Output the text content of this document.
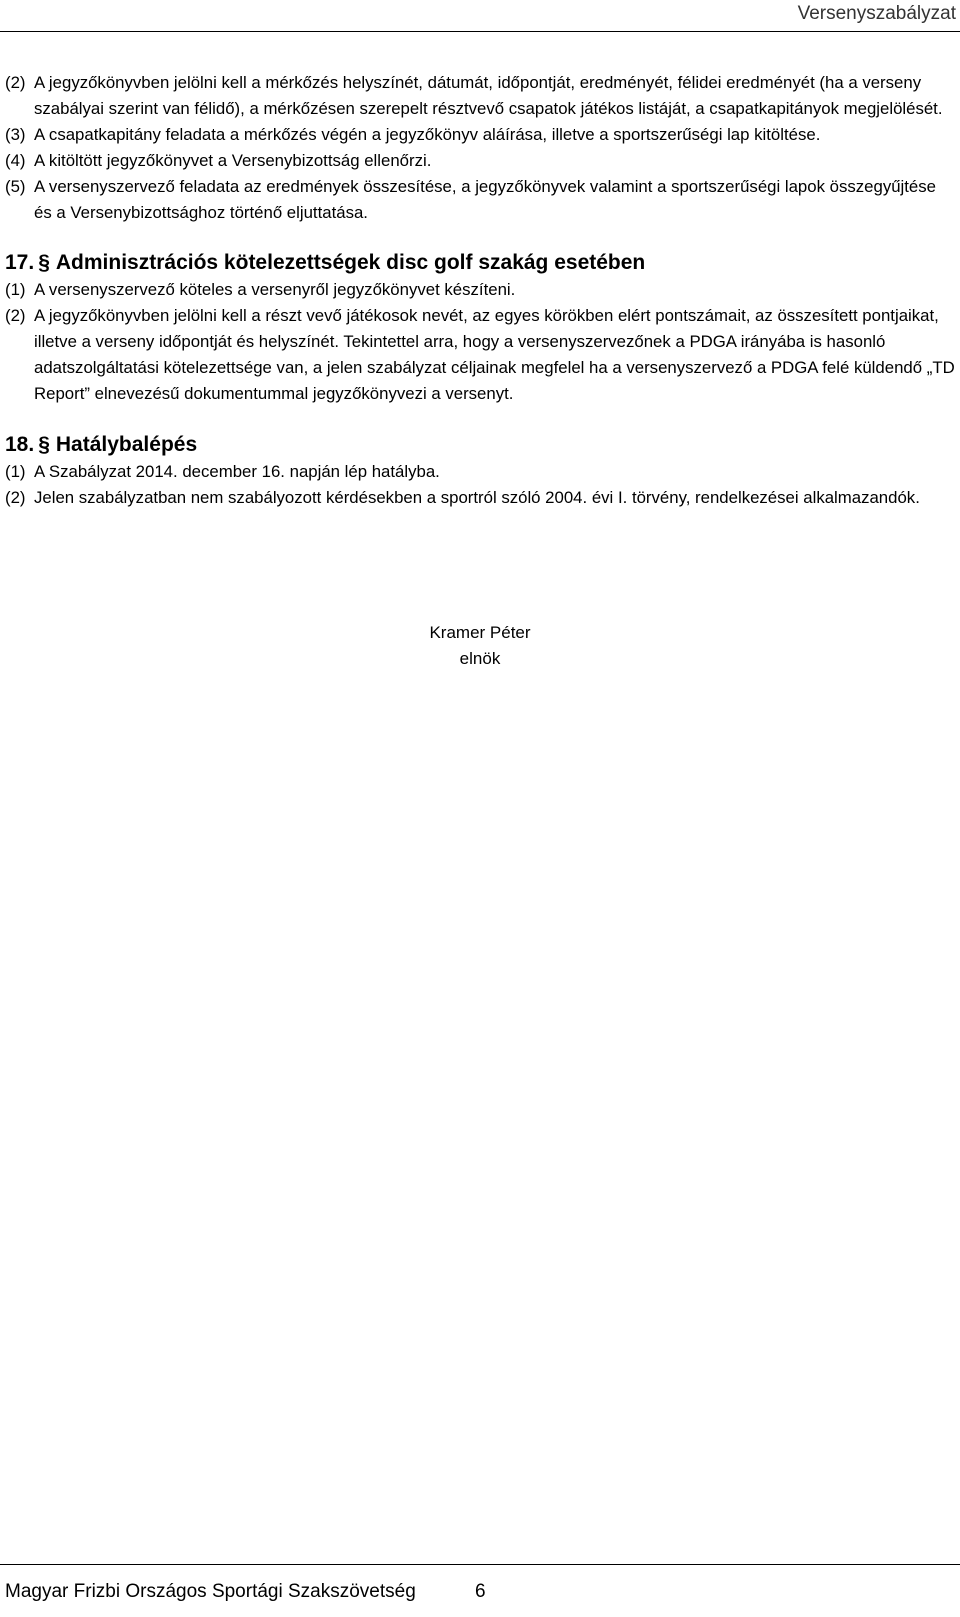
Versenyszabályzat
(2) A jegyzőkönyvben jelölni kell a mérkőzés helyszínét, dátumát, időpontját, eredményét, félidei eredményét (ha a verseny szabályai szerint van félidő), a mérkőzésen szerepelt résztvevő csapatok játékos listáját, a csapatkapitányok megjelölését.
(3) A csapatkapitány feladata a mérkőzés végén a jegyzőkönyv aláírása, illetve a sportszerűségi lap kitöltése.
(4) A kitöltött jegyzőkönyvet a Versenybizottság ellenőrzi.
(5) A versenyszervező feladata az eredmények összesítése, a jegyzőkönyvek valamint a sportszerűségi lapok összegyűjtése és a Versenybizottsághoz történő eljuttatása.
17. § Adminisztrációs kötelezettségek disc golf szakág esetében
(1) A versenyszervező köteles a versenyről jegyzőkönyvet készíteni.
(2) A jegyzőkönyvben jelölni kell a részt vevő játékosok nevét, az egyes körökben elért pontszámait, az összesített pontjaikat, illetve a verseny időpontját és helyszínét. Tekintettel arra, hogy a versenyszervezőnek a PDGA irányába is hasonló adatszolgáltatási kötelezettsége van, a jelen szabályzat céljainak megfelel ha a versenyszervező a PDGA felé küldendő „TD Report” elnevezésű dokumentummal jegyzőkönyvezi a versenyt.
18. § Hatálybalépés
(1) A Szabályzat 2014. december 16. napján lép hatályba.
(2) Jelen szabályzatban nem szabályozott kérdésekben a sportról szóló 2004. évi I. törvény, rendelkezései alkalmazandók.
Kramer Péter
elnök
Magyar Frizbi Országos Sportági Szakszövetség	6
